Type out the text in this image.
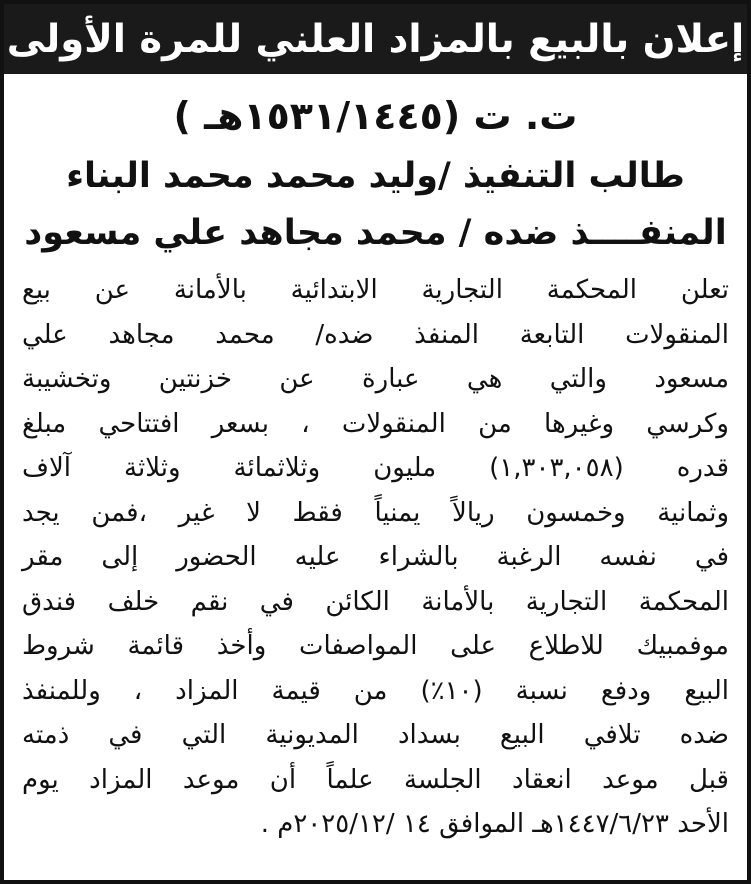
إعلان بالبيع بالمزاد العلني للمرة الأولى
ت. ت (١٥٣١/١٤٤٥هـ )
طالب التنفيذ /وليد محمد محمد البناء
المنفــــذ ضده / محمد مجاهد علي مسعود
تعلن المحكمة التجارية الابتدائية بالأمانة عن بيع
المنقولات التابعة المنفذ ضده/ محمد مجاهد علي
مسعود والتي هي عبارة عن خزنتين وتخشيبة
وكرسي وغيرها من المنقولات ، بسعر افتتاحي مبلغ
قدره (١,٣٠٣,٠٥٨) مليون وثلاثمائة وثلاثة آلاف
وثمانية وخمسون ريالاً يمنياً فقط لا غير ،فمن يجد
في نفسه الرغبة بالشراء عليه الحضور إلى مقر
المحكمة التجارية بالأمانة الكائن في نقم خلف فندق
موفمبيك للاطلاع على المواصفات وأخذ قائمة شروط
البيع ودفع نسبة (١٠٪) من قيمة المزاد ، وللمنفذ
ضده تلافي البيع بسداد المديونية التي في ذمته
قبل موعد انعقاد الجلسة علماً أن موعد المزاد يوم
الأحد ١٤٤٧/٦/٢٣هـ الموافق ١٤ /٢٠٢٥/١٢م .
